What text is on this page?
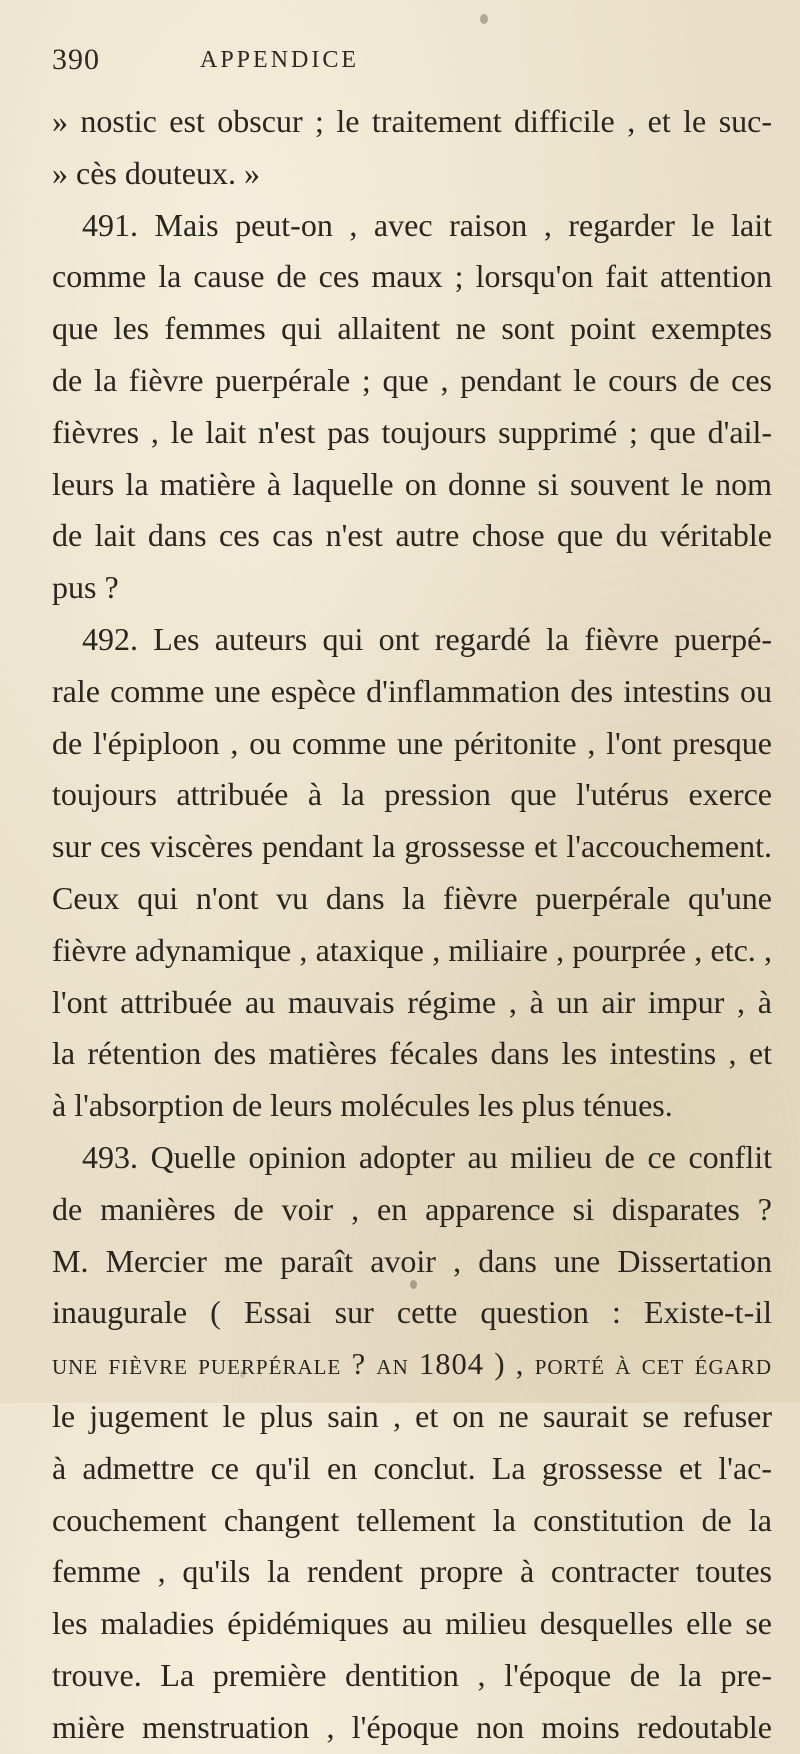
390	APPENDICE
» nostic est obscur ; le traitement difficile , et le suc-
» cès douteux. »
491. Mais peut-on , avec raison , regarder le lait
comme la cause de ces maux ; lorsqu'on fait attention
que les femmes qui allaitent ne sont point exemptes
de la fièvre puerpérale ; que , pendant le cours de ces
fièvres , le lait n'est pas toujours supprimé ; que d'ail-
leurs la matière à laquelle on donne si souvent le nom
de lait dans ces cas n'est autre chose que du véritable
pus ?
492. Les auteurs qui ont regardé la fièvre puerpé-
rale comme une espèce d'inflammation des intestins ou
de l'épiploon , ou comme une péritonite , l'ont presque
toujours attribuée à la pression que l'utérus exerce
sur ces viscères pendant la grossesse et l'accouchement.
Ceux qui n'ont vu dans la fièvre puerpérale qu'une
fièvre adynamique , ataxique , miliaire , pourprée , etc. ,
l'ont attribuée au mauvais régime , à un air impur , à
la rétention des matières fécales dans les intestins , et
à l'absorption de leurs molécules les plus ténues.
493. Quelle opinion adopter au milieu de ce conflit
de manières de voir , en apparence si disparates ?
M. Mercier me paraît avoir , dans une Dissertation
inaugurale ( Essai sur cette question : Existe-t-il
une fièvre puerpérale ? an 1804 ) , porté à cet égard
le jugement le plus sain , et on ne saurait se refuser
à admettre ce qu'il en conclut. La grossesse et l'ac-
couchement changent tellement la constitution de la
femme , qu'ils la rendent propre à contracter toutes
les maladies épidémiques au milieu desquelles elle se
trouve. La première dentition , l'époque de la pre-
mière menstruation , l'époque non moins redoutable
